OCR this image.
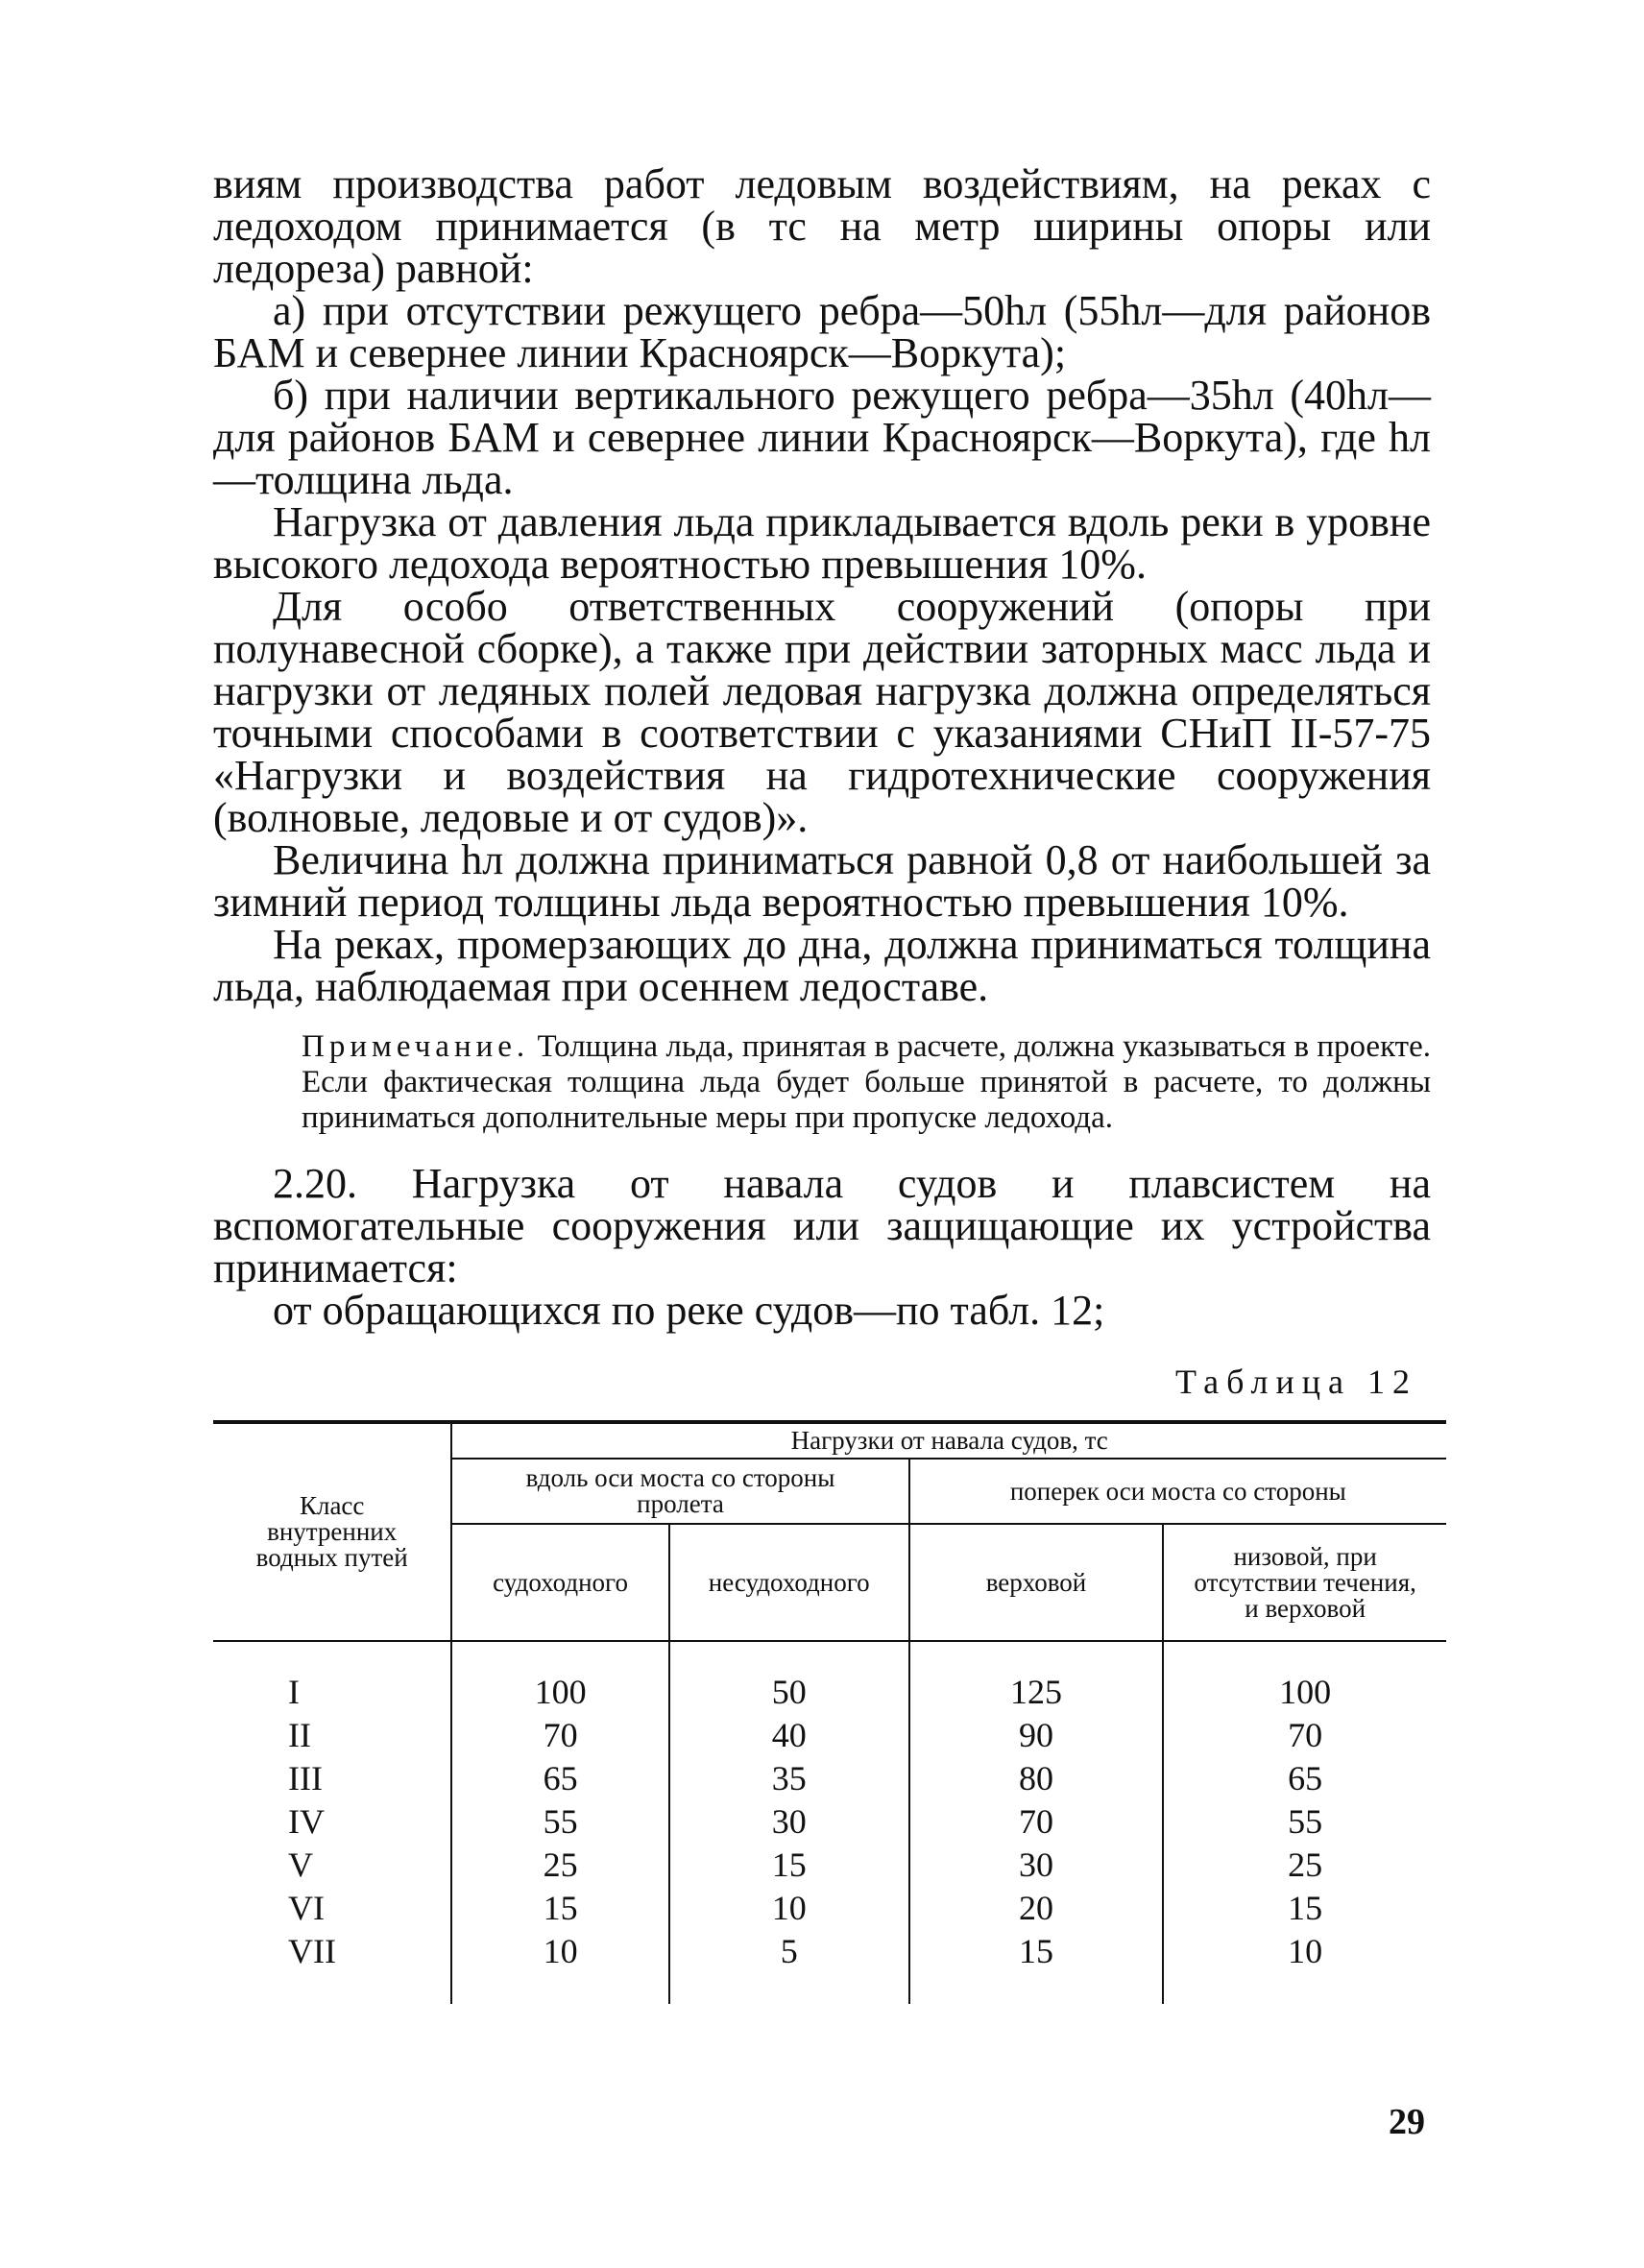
виям производства работ ледовым воздействиям, на реках с ледоходом принимается (в тс на метр ширины опоры или ледореза) равной:

а) при отсутствии режущего ребра—50hл (55hл—для районов БАМ и севернее линии Красноярск—Воркута);

б) при наличии вертикального режущего ребра—35hл (40hл—для районов БАМ и севернее линии Красноярск—Воркута), где hл—толщина льда.

Нагрузка от давления льда прикладывается вдоль реки в уровне высокого ледохода вероятностью превышения 10%.

Для особо ответственных сооружений (опоры при полунавесной сборке), а также при действии заторных масс льда и нагрузки от ледяных полей ледовая нагрузка должна определяться точными способами в соответствии с указаниями СНиП II-57-75 «Нагрузки и воздействия на гидротехнические сооружения (волновые, ледовые и от судов)».

Величина hл должна приниматься равной 0,8 от наибольшей за зимний период толщины льда вероятностью превышения 10%.

На реках, промерзающих до дна, должна приниматься толщина льда, наблюдаемая при осеннем ледоставе.

Примечание. Толщина льда, принятая в расчете, должна указываться в проекте. Если фактическая толщина льда будет больше принятой в расчете, то должны приниматься дополнительные меры при пропуске ледохода.

2.20. Нагрузка от навала судов и плавсистем на вспомогательные сооружения или защищающие их устройства принимается:

от обращающихся по реке судов—по табл. 12;

Таблица 12
Класс внутренних водных путей	Нагрузки от навала судов, тс			
	вдоль оси моста со стороны пролета		поперек оси моста со стороны	
	судоходного	несудоходного	верховой	низовой, при отсутствии течения, и верховой
I	100	50	125	100
II	70	40	90	70
III	65	35	80	65
IV	55	30	70	55
V	25	15	30	25
VI	15	10	20	15
VII	10	5	15	10
29
